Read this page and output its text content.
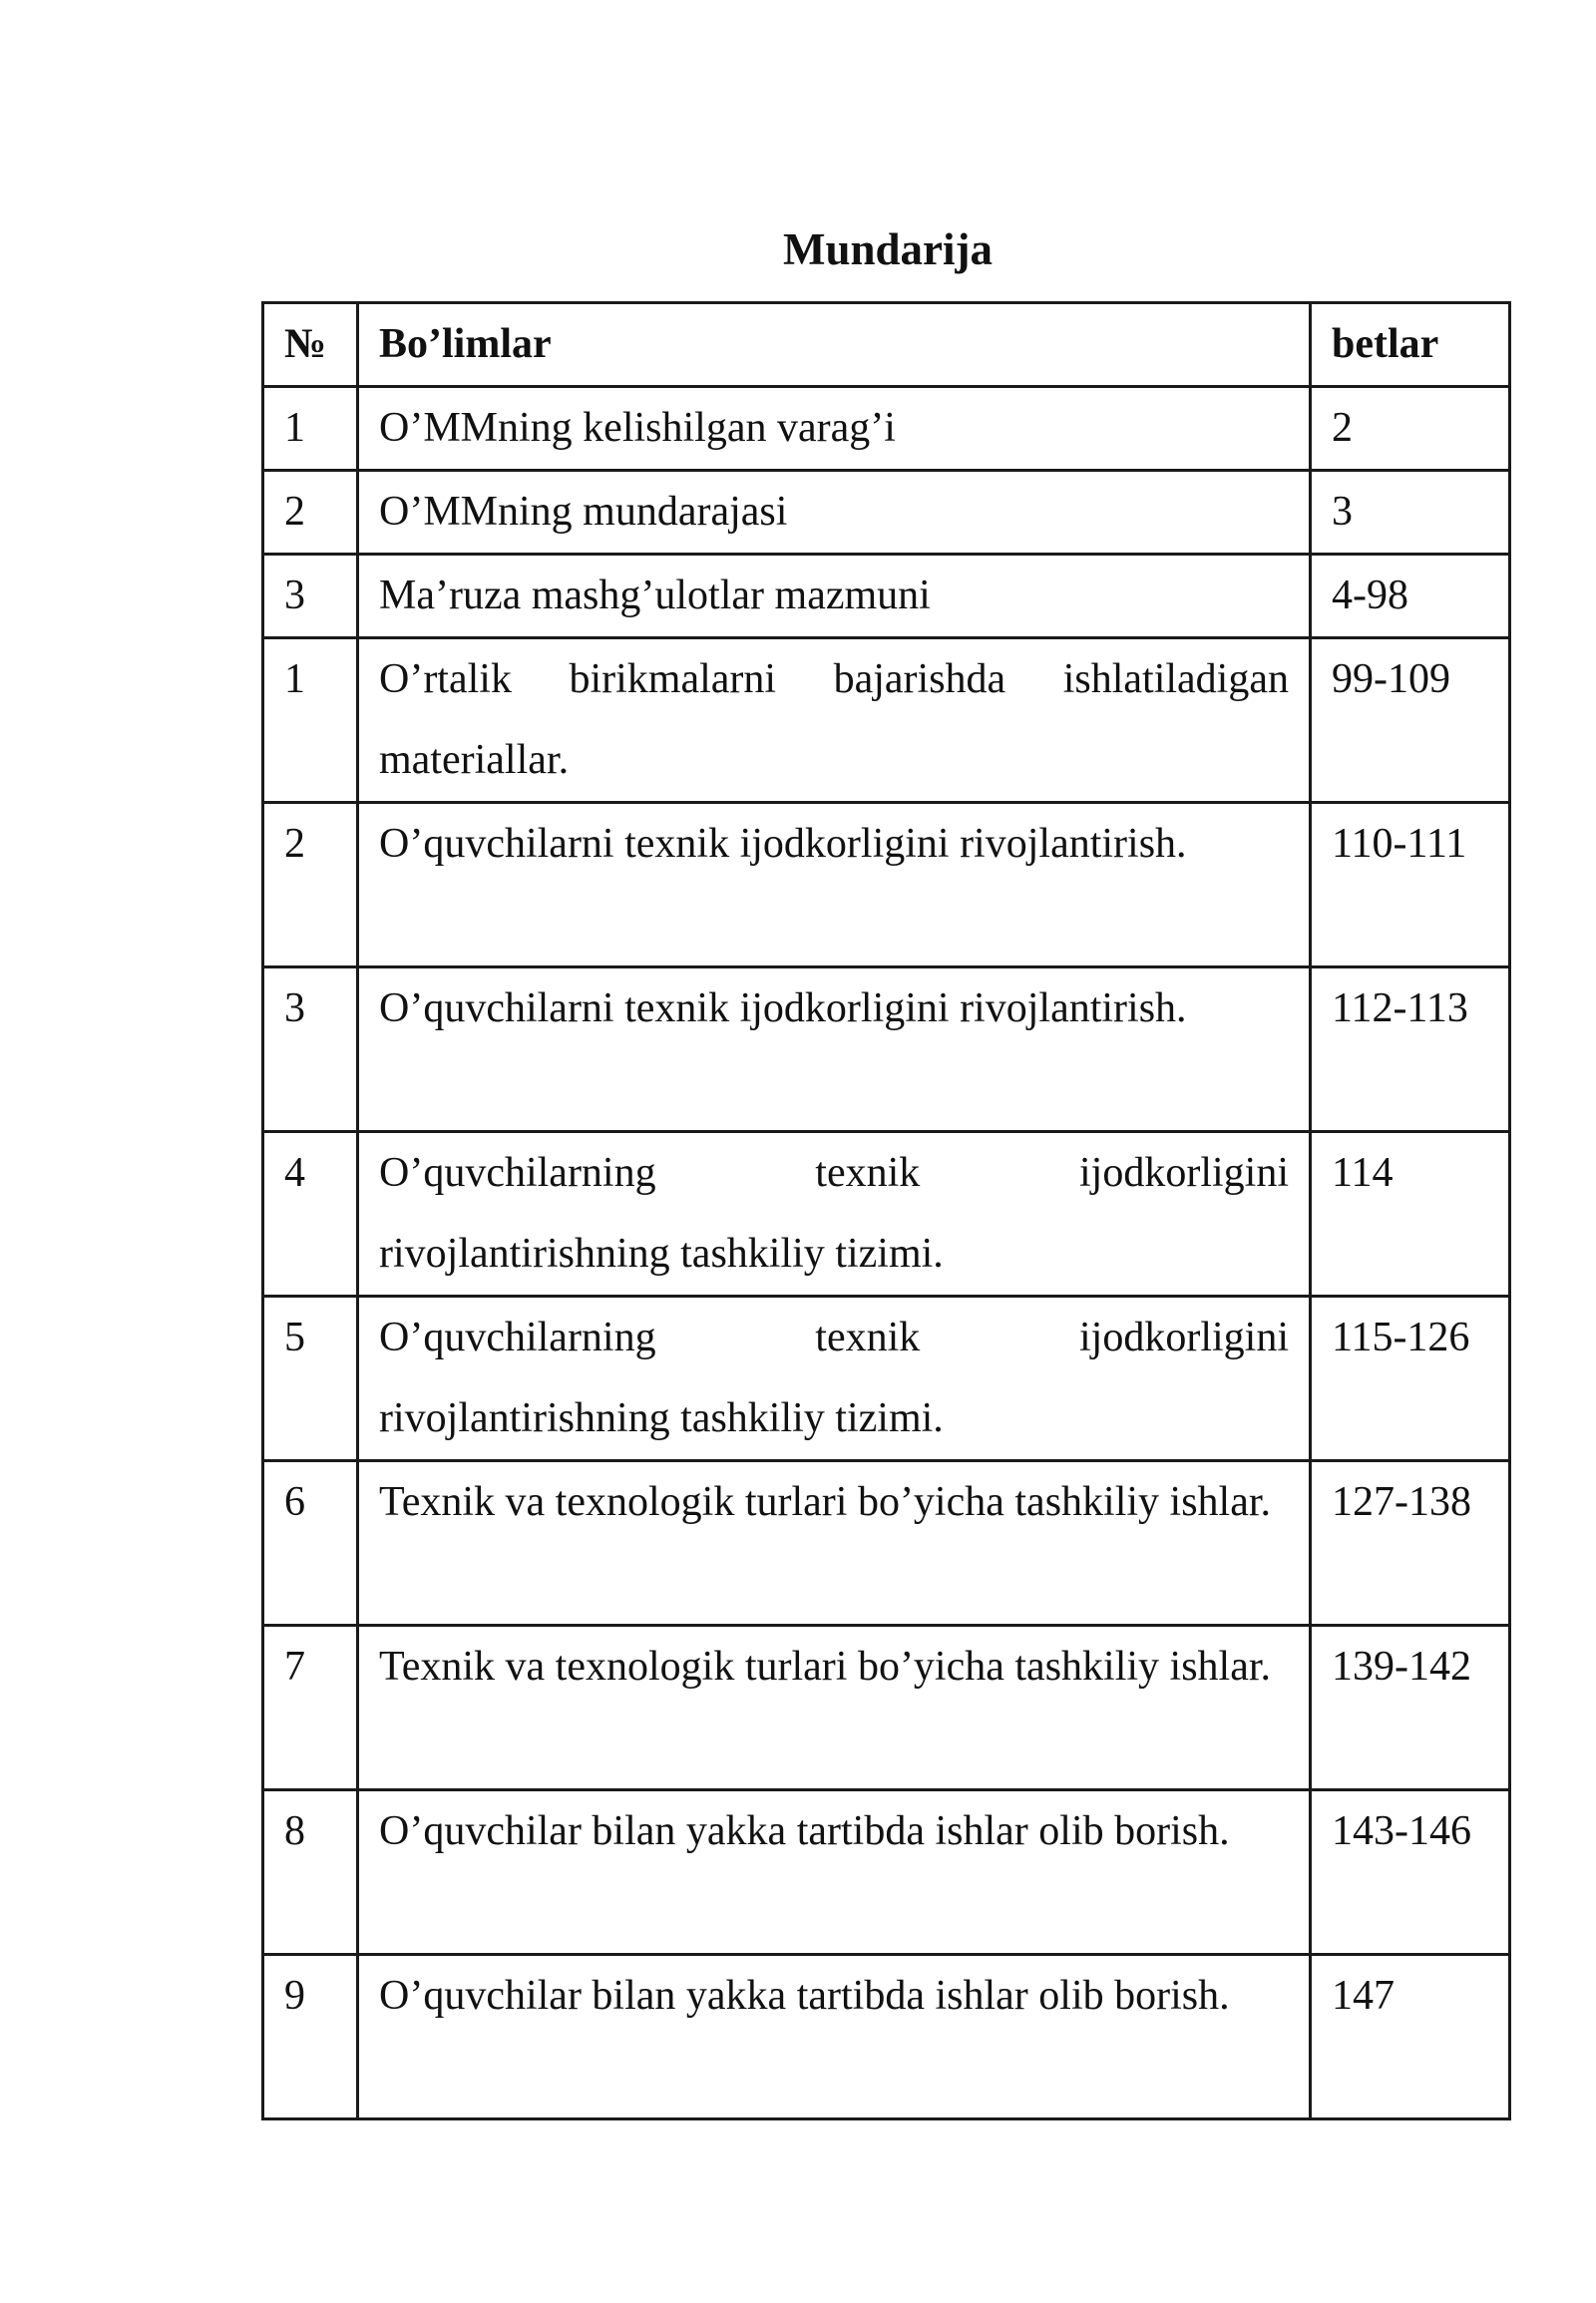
Mundarija
№	Bo’limlar	betlar
1	O’MMning kelishilgan varag’i	2
2	O’MMning mundarajasi	3
3	Ma’ruza mashg’ulotlar mazmuni	4-98
1	O’rtalik birikmalarni bajarishda ishlatiladigan materiallar.	99-109
2	O’quvchilarni texnik ijodkorligini rivojlantirish.	110-111
3	O’quvchilarni texnik ijodkorligini rivojlantirish.	112-113
4	O’quvchilarning texnik ijodkorligini rivojlantirishning tashkiliy tizimi.	114
5	O’quvchilarning texnik ijodkorligini rivojlantirishning tashkiliy tizimi.	115-126
6	Texnik va texnologik turlari bo’yicha tashkiliy ishlar.	127-138
7	Texnik va texnologik turlari bo’yicha tashkiliy ishlar.	139-142
8	O’quvchilar bilan yakka tartibda ishlar olib borish.	143-146
9	O’quvchilar bilan yakka tartibda ishlar olib borish.	147
